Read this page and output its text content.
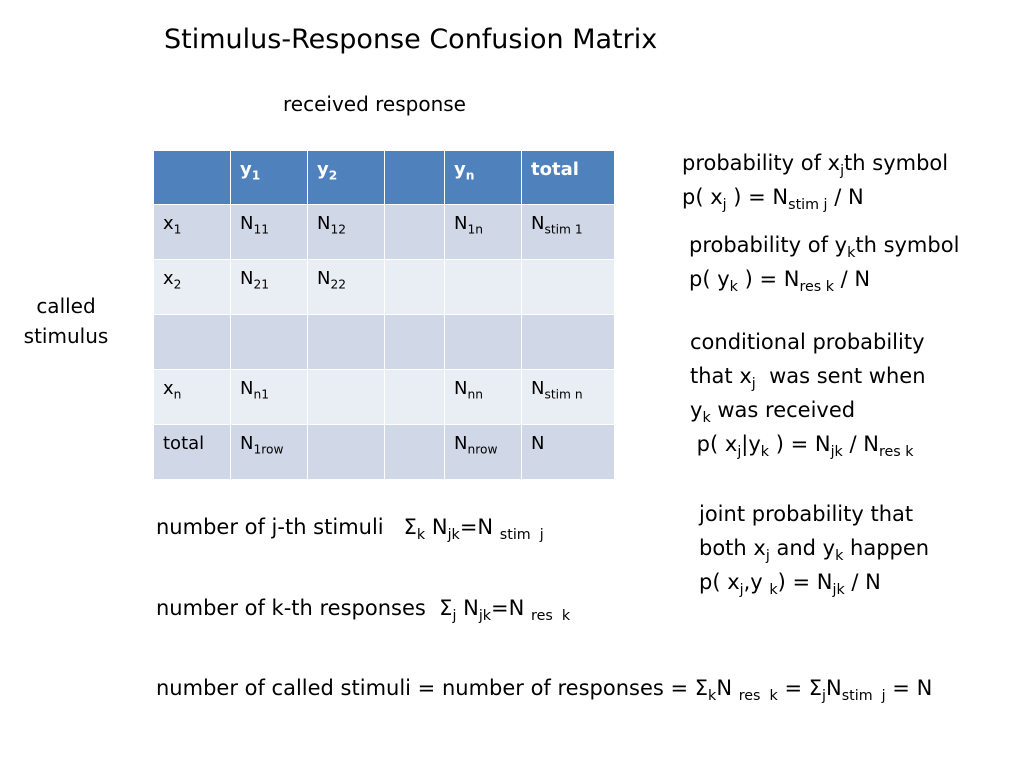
Stimulus-Response Confusion Matrix
received response
called
stimulus
	$y_1$	$y_2$		$y_n$	total
$x_1$	$N_{11}$	$N_{12}$		$N_{1n}$	$N_{stim 1}$
$x_2$	$N_{21}$	$N_{22}$			

$x_n$	$N_{n1}$			$N_{nn}$	$N_{stim n}$
total	$N_{1row}$			$N_{nrow}$	N
number of j-th stimuli   $\Sigma_k$ $N_{jk}=N$ $_{stim j}$
number of k-th responses  $\Sigma_j$ $N_{jk}=N$ $_{res k}$
number of called stimuli = number of responses = $\Sigma_kN$ $_{res k} = \Sigma_jN_{stim j} = N$
probability of $x_jth$ symbol
p( $x_j$ ) = $N_{stim j}$ / N
probability of $y_kth$ symbol
p( $y_k$ ) = $N_{res k}$ / N
conditional probability
that $x_j$  was sent when
$y_k$ was received
p( $x_j|y_k$ ) = $N_{jk} / N_{res k}$
joint probability that
both $x_j$ and $y_k$ happen
p( $x_j,y$ $_k) = N_{jk} / N$
